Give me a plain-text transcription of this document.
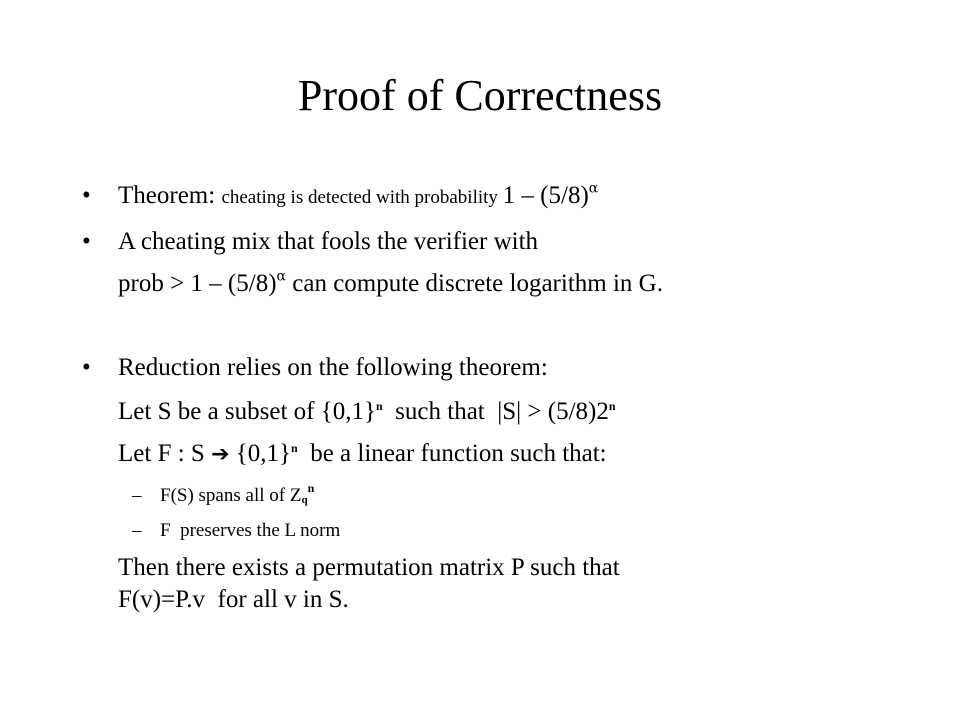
Proof of Correctness
• Theorem: cheating is detected with probability $1 - (5/8)^\alpha$
• A cheating mix that fools the verifier with
prob > $1 - (5/8)^\alpha$ can compute discrete logarithm in G.
• Reduction relies on the following theorem:
Let S be a subset of $\{0,1\}^n$  such that  $|S| > (5/8)2^n$
Let F : S ➔ $\{0,1\}^n$  be a linear function such that:
– F(S) spans all of Zq$^n$
– F  preserves the L norm
Then there exists a permutation matrix P such that
F(v)=P.v  for all v in S.
